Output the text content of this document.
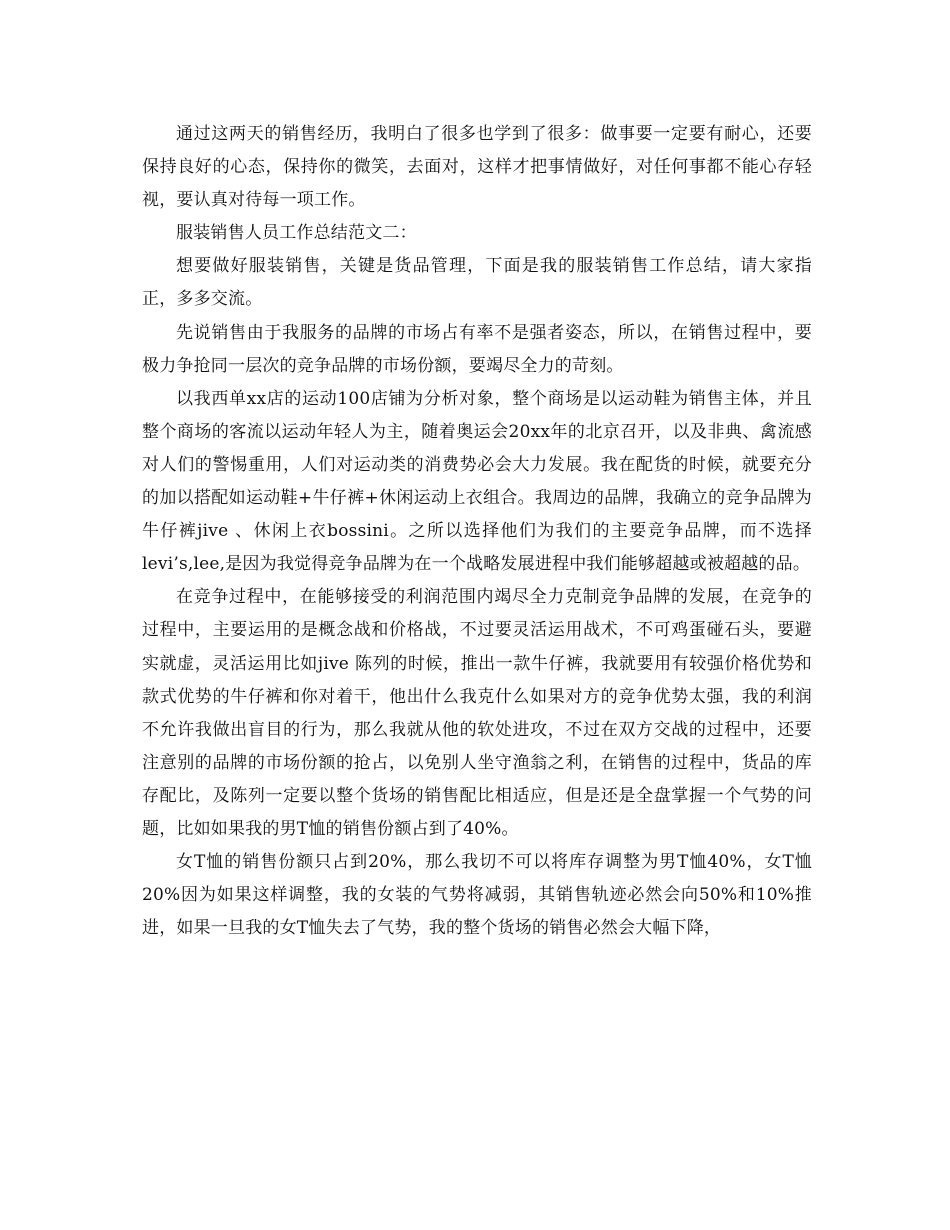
通过这两天的销售经历，我明白了很多也学到了很多：做事要一定要有耐心，还要保持良好的心态，保持你的微笑，去面对，这样才把事情做好，对任何事都不能心存轻视，要认真对待每一项工作。

服装销售人员工作总结范文二：

想要做好服装销售，关键是货品管理，下面是我的服装销售工作总结，请大家指正，多多交流。

先说销售由于我服务的品牌的市场占有率不是强者姿态，所以，在销售过程中，要极力争抢同一层次的竞争品牌的市场份额，要竭尽全力的苛刻。

以我西单xx店的运动100店铺为分析对象，整个商场是以运动鞋为销售主体，并且整个商场的客流以运动年轻人为主，随着奥运会20xx年的北京召开，以及非典、禽流感对人们的警惕重用，人们对运动类的消费势必会大力发展。我在配货的时候，就要充分的加以搭配如运动鞋+牛仔裤+休闲运动上衣组合。我周边的品牌，我确立的竞争品牌为牛仔裤jive 、休闲上衣bossini。之所以选择他们为我们的主要竞争品牌，而不选择levi’s,lee,是因为我觉得竞争品牌为在一个战略发展进程中我们能够超越或被超越的品。

在竞争过程中，在能够接受的利润范围内竭尽全力克制竞争品牌的发展，在竞争的过程中，主要运用的是概念战和价格战，不过要灵活运用战术，不可鸡蛋碰石头，要避实就虚，灵活运用比如jive 陈列的时候，推出一款牛仔裤，我就要用有较强价格优势和款式优势的牛仔裤和你对着干，他出什么我克什么如果对方的竞争优势太强，我的利润不允许我做出盲目的行为，那么我就从他的软处进攻，不过在双方交战的过程中，还要注意别的品牌的市场份额的抢占，以免别人坐守渔翁之利，在销售的过程中，货品的库存配比，及陈列一定要以整个货场的销售配比相适应，但是还是全盘掌握一个气势的问题，比如如果我的男T恤的销售份额占到了40%。

女T恤的销售份额只占到20%，那么我切不可以将库存调整为男T恤40%，女T恤20%因为如果这样调整，我的女装的气势将减弱，其销售轨迹必然会向50%和10%推进，如果一旦我的女T恤失去了气势，我的整个货场的销售必然会大幅下降，
